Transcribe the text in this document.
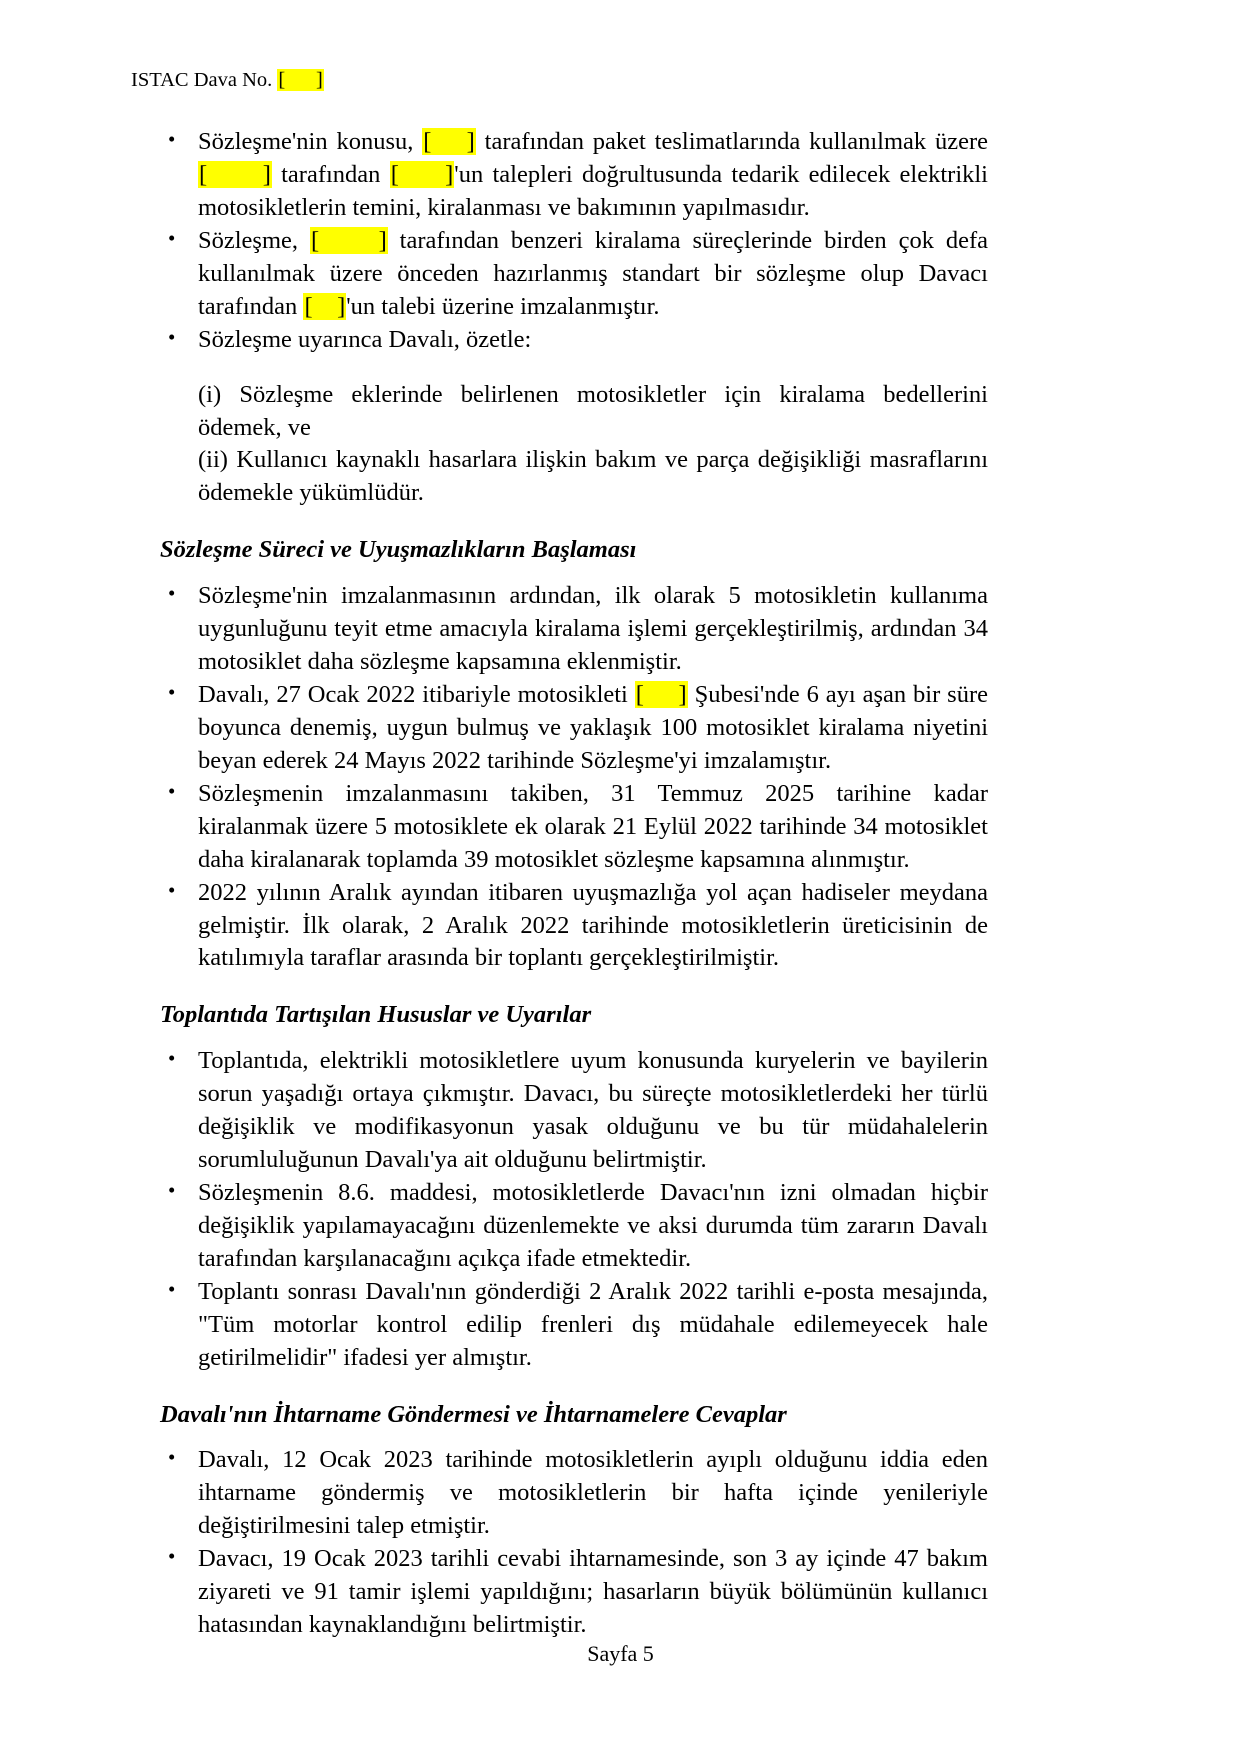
ISTAC Dava No. [      ]
• Sözleşme'nin konusu, [    ] tarafından paket teslimatlarında kullanılmak üzere [      ] tarafından [     ]'un talepleri doğrultusunda tedarik edilecek elektrikli motosikletlerin temini, kiralanması ve bakımının yapılmasıdır.
• Sözleşme, [     ] tarafından benzeri kiralama süreçlerinde birden çok defa kullanılmak üzere önceden hazırlanmış standart bir sözleşme olup Davacı tarafından [    ]'un talebi üzerine imzalanmıştır.
• Sözleşme uyarınca Davalı, özetle:
(i) Sözleşme eklerinde belirlenen motosikletler için kiralama bedellerini ödemek, ve
(ii) Kullanıcı kaynaklı hasarlara ilişkin bakım ve parça değişikliği masraflarını ödemekle yükümlüdür.
Sözleşme Süreci ve Uyuşmazlıkların Başlaması
• Sözleşme'nin imzalanmasının ardından, ilk olarak 5 motosikletin kullanıma uygunluğunu teyit etme amacıyla kiralama işlemi gerçekleştirilmiş, ardından 34 motosiklet daha sözleşme kapsamına eklenmiştir.
• Davalı, 27 Ocak 2022 itibariyle motosikleti [     ] Şubesi'nde 6 ayı aşan bir süre boyunca denemiş, uygun bulmuş ve yaklaşık 100 motosiklet kiralama niyetini beyan ederek 24 Mayıs 2022 tarihinde Sözleşme'yi imzalamıştır.
• Sözleşmenin imzalanmasını takiben, 31 Temmuz 2025 tarihine kadar kiralanmak üzere 5 motosiklete ek olarak 21 Eylül 2022 tarihinde 34 motosiklet daha kiralanarak toplamda 39 motosiklet sözleşme kapsamına alınmıştır.
• 2022 yılının Aralık ayından itibaren uyuşmazlığa yol açan hadiseler meydana gelmiştir. İlk olarak, 2 Aralık 2022 tarihinde motosikletlerin üreticisinin de katılımıyla taraflar arasında bir toplantı gerçekleştirilmiştir.
Toplantıda Tartışılan Hususlar ve Uyarılar
• Toplantıda, elektrikli motosikletlere uyum konusunda kuryelerin ve bayilerin sorun yaşadığı ortaya çıkmıştır. Davacı, bu süreçte motosikletlerdeki her türlü değişiklik ve modifikasyonun yasak olduğunu ve bu tür müdahalelerin sorumluluğunun Davalı'ya ait olduğunu belirtmiştir.
• Sözleşmenin 8.6. maddesi, motosikletlerde Davacı'nın izni olmadan hiçbir değişiklik yapılamayacağını düzenlemekte ve aksi durumda tüm zararın Davalı tarafından karşılanacağını açıkça ifade etmektedir.
• Toplantı sonrası Davalı'nın gönderdiği 2 Aralık 2022 tarihli e-posta mesajında, "Tüm motorlar kontrol edilip frenleri dış müdahale edilemeyecek hale getirilmelidir" ifadesi yer almıştır.
Davalı'nın İhtarname Göndermesi ve İhtarnamelere Cevaplar
• Davalı, 12 Ocak 2023 tarihinde motosikletlerin ayıplı olduğunu iddia eden ihtarname göndermiş ve motosikletlerin bir hafta içinde yenileriyle değiştirilmesini talep etmiştir.
• Davacı, 19 Ocak 2023 tarihli cevabi ihtarnamesinde, son 3 ay içinde 47 bakım ziyareti ve 91 tamir işlemi yapıldığını; hasarların büyük bölümünün kullanıcı hatasından kaynaklandığını belirtmiştir.
Sayfa 5
